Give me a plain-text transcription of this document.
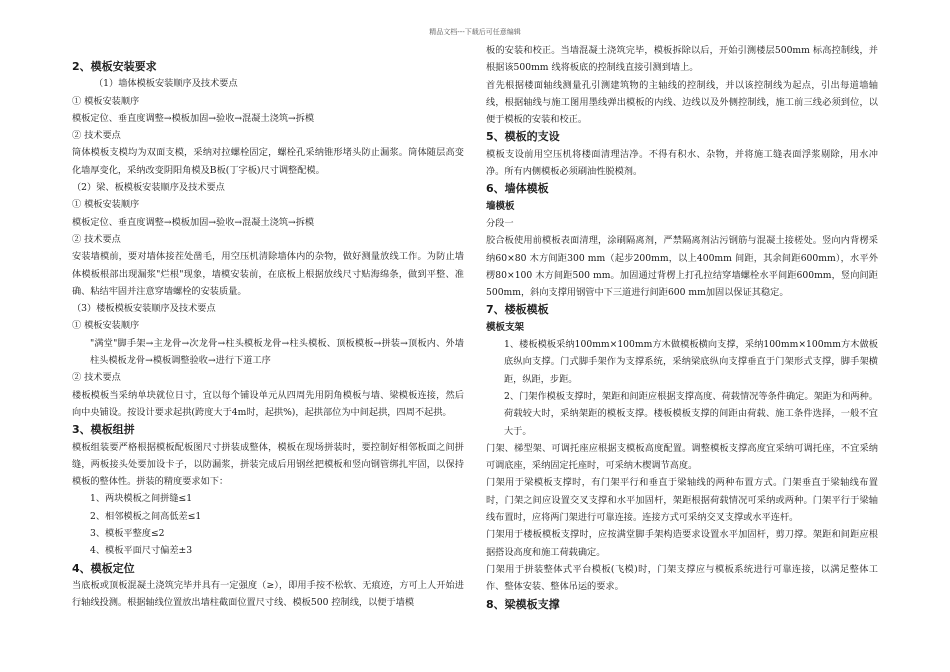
精品文档---下载后可任意编辑
2、模板安装要求
（1）墙体模板安装顺序及技术要点
① 模板安装顺序
模板定位、垂直度调整→模板加固→验收→混凝土浇筑→拆模
② 技术要点
筒体模板支模均为双面支模，采纳对拉螺栓固定，螺栓孔采纳锥形堵头防止漏浆。筒体随层高变化墙厚变化，采纳改变阴阳角模及B板(丁字板)尺寸调整配模。
（2）梁、板模板安装顺序及技术要点
① 模板安装顺序
模板定位、垂直度调整→模板加固→验收→混凝土浇筑→拆模
② 技术要点
安装墙模前，要对墙体接茬处凿毛，用空压机清除墙体内的杂物，做好测量放线工作。为防止墙体模板根部出现漏浆"烂根"现象，墙模安装前，在底板上根据放线尺寸贴海绵条，做到平整、准确、粘结牢固并注意穿墙螺栓的安装质量。
（3）楼板模板安装顺序及技术要点
① 模板安装顺序
"满堂"脚手架→主龙骨→次龙骨→柱头模板龙骨→柱头模板、顶板模板→拼装→顶板内、外墙柱头模板龙骨→模板调整验收→进行下道工序
② 技术要点
楼板模板当采纳单块就位日寸，宜以每个铺设单元从四周先用阴角模板与墙、梁模板连接，然后向中央铺设。按设计要求起拱(跨度大于4m时，起拱%)，起拱部位为中间起拱，四周不起拱。
3、模板组拼
模板组装要严格根据模板配板图尺寸拼装成整体，模板在现场拼装时，要控制好相邻板面之间拼缝，两板接头处要加设卡子，以防漏浆，拼装完成后用钢丝把模板和竖向钢管绑扎牢固，以保持模板的整体性。拼装的精度要求如下：
1、两块模板之间拼缝≤1
2、相邻模板之间高低差≤1
3、模板平整度≤2
4、模板平面尺寸偏差±3
4、模板定位
当底板或顶板混凝土浇筑完毕并具有一定强度（≥），即用手按不松软、无痕迹，方可上人开始进行轴线投测。根据轴线位置放出墙柱截面位置尺寸线、模板500 控制线，以便于墙模
板的安装和校正。当墙混凝土浇筑完毕，模板拆除以后，开始引测楼层500mm 标高控制线，并根据该500mm 线将板底的控制线直接引测到墙上。
首先根据楼面轴线测量孔引测建筑物的主轴线的控制线，并以该控制线为起点，引出每道墙轴线，根据轴线与施工图用墨线弹出模板的内线、边线以及外侧控制线，施工前三线必须到位，以便于模板的安装和校正。
5、模板的支设
模板支设前用空压机将楼面清理洁净。不得有积水、杂物，并将施工缝表面浮浆剔除，用水冲净。所有内侧模板必须刷油性脱模剂。
6、墙体模板
墙模板
分段一
胶合板使用前模板表面清理，涂刷隔离剂，严禁隔离剂沾污钢筋与混凝土接槎处。竖向内背楞采纳60×80 木方间距300 mm（起步200mm，以上400mm 间距，其余间距600mm），水平外楞80×100 木方间距500 mm。加固通过背楞上打孔拉结穿墙螺栓水平间距600mm，竖向间距500mm，斜向支撑用钢管中下三道进行间距600 mm加固以保证其稳定。
7、楼板模板
模板支架
1、楼板模板采纳100mm×100mm方木做模板横向支撑，采纳100mm×100mm方木做板底纵向支撑。门式脚手架作为支撑系统，采纳梁底纵向支撑垂直于门架形式支撑，脚手架横距，纵距，步距。
2、门架作模板支撑时，架距和间距应根据支撑高度、荷载情况等条件确定。架距为和两种。荷载较大时，采纳架距的模板支撑。楼板模板支撑的间距由荷载、施工条件选择，一般不宜大于。
门架、梯型架、可调托座应根据支模板高度配置。调整模板支撑高度宜采纳可调托座，不宜采纳可调底座，采纳固定托座时，可采纳木楔调节高度。
门架用于梁模板支撑时，有门架平行和垂直于梁轴线的两种布置方式。门架垂直于梁轴线布置时，门架之间应设置交叉支撑和水平加固杆，架距根据荷载情况可采纳或两种。门架平行于梁轴线布置时，应将两门架进行可靠连接。连接方式可采纳交叉支撑或水平连杆。
门架用于楼板模板支撑时，应按满堂脚手架构造要求设置水平加固杆，剪刀撑。架距和间距应根据搭设高度和施工荷载确定。
门架用于拼装整体式平台模板(飞模)时，门架支撑应与模板系统进行可靠连接，以满足整体工作、整体安装、整体吊运的要求。
8、梁模板支撑
